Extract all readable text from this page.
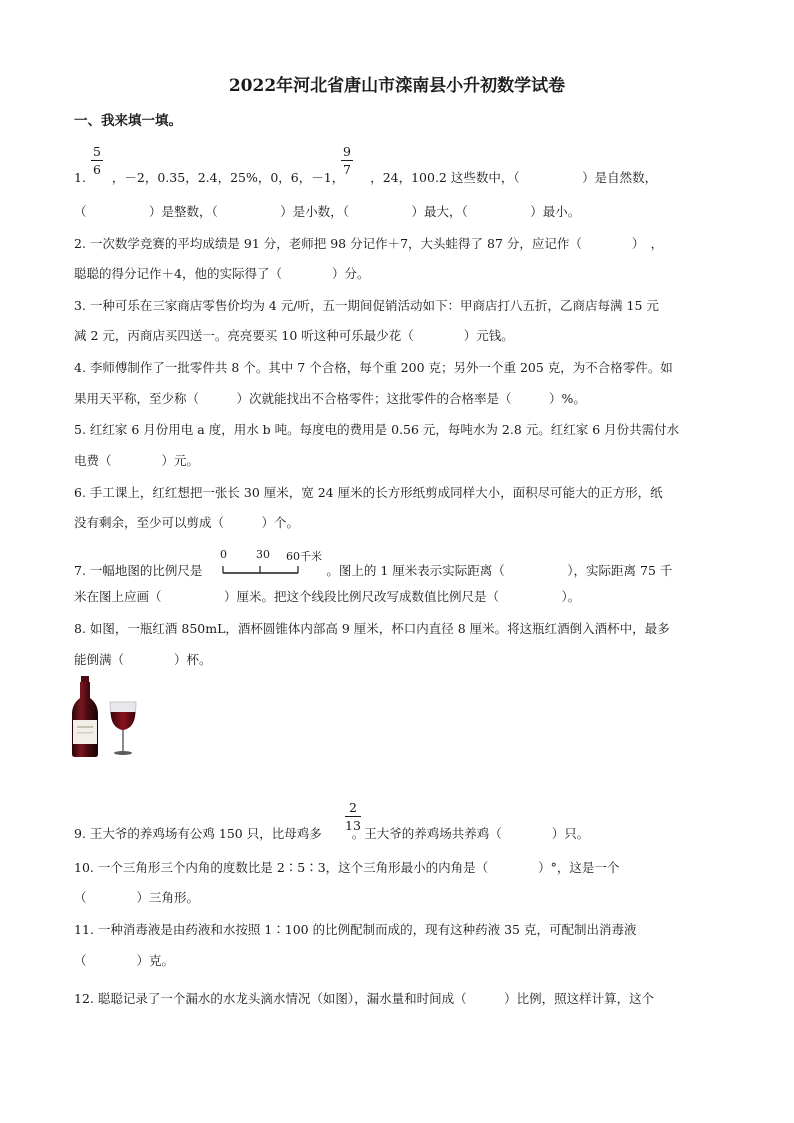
2022年河北省唐山市滦南县小升初数学试卷
一、我来填一填。
1. ，－2，0.35，2.4，25%，0，6，－1， ，24，100.2 这些数中，（　　　　　）是自然数，
5
6
9
7
（　　　　　）是整数，（　　　　　）是小数，（　　　　　）最大，（　　　　　）最小。
2. 一次数学竞赛的平均成绩是 91 分，老师把 98 分记作＋7，大头蛙得了 87 分，应记作（　　　　）　，
聪聪的得分记作＋4，他的实际得了（　　　　）分。
3. 一种可乐在三家商店零售价均为 4 元/听，五一期间促销活动如下：甲商店打八五折，乙商店每满 15 元
减 2 元，丙商店买四送一。亮亮要买 10 听这种可乐最少花（　　　　）元钱。
4. 李师傅制作了一批零件共 8 个。其中 7 个合格，每个重 200 克；另外一个重 205 克，为不合格零件。如
果用天平称，至少称（　　　）次就能找出不合格零件；这批零件的合格率是（　　　）%。
5. 红红家 6 月份用电 a 度，用水 b 吨。每度电的费用是 0.56 元，每吨水为 2.8 元。红红家 6 月份共需付水
电费（　　　　）元。
6. 手工课上，红红想把一张长 30 厘米，宽 24 厘米的长方形纸剪成同样大小，面积尽可能大的正方形，纸
没有剩余，至少可以剪成（　　　）个。
7. 一幅地图的比例尺是	。图上的 1 厘米表示实际距离（　　　　　），实际距离 75 千
0	30 60千米
米在图上应画（　　　　　）厘米。把这个线段比例尺改写成数值比例尺是（　　　　　）。
8. 如图，一瓶红酒 850mL，酒杯圆锥体内部高 9 厘米，杯口内直径 8 厘米。将这瓶红酒倒入酒杯中，最多
能倒满（　　　　）杯。
9. 王大爷的养鸡场有公鸡 150 只，比母鸡多 。王大爷的养鸡场共养鸡（　　　　）只。
2
13
10. 一个三角形三个内角的度数比是 2∶5∶3，这个三角形最小的内角是（　　　　）°，这是一个
（　　　　）三角形。
11. 一种消毒液是由药液和水按照 1∶100 的比例配制而成的，现有这种药液 35 克，可配制出消毒液
（　　　　）克。
12. 聪聪记录了一个漏水的水龙头滴水情况（如图），漏水量和时间成（　　　）比例，照这样计算，这个
